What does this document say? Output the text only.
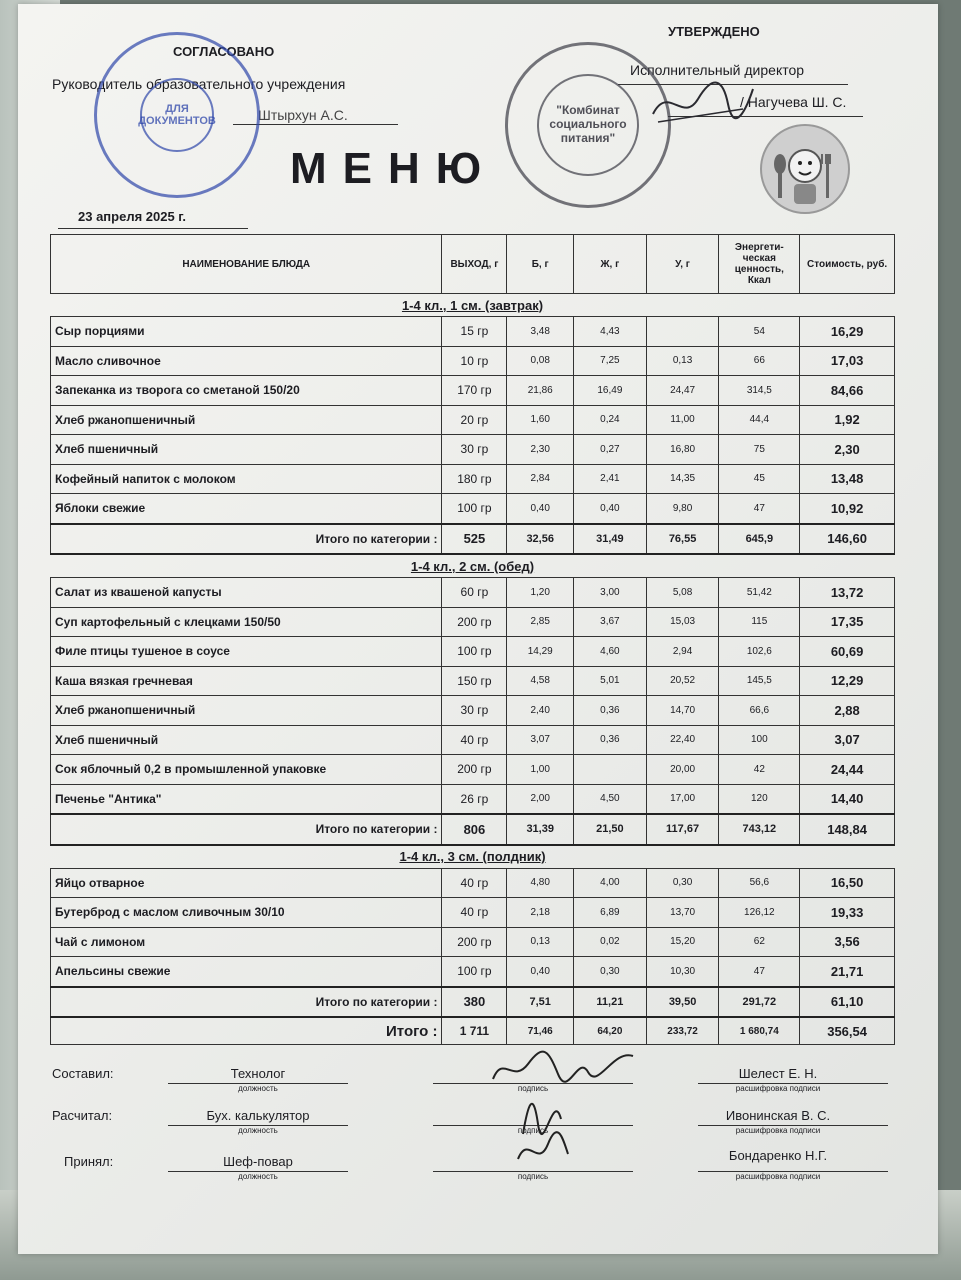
СОГЛАСОВАНО
Руководитель образовательного учреждения
Штырхун А.С.
ДЛЯ ДОКУМЕНТОВ
УТВЕРЖДЕНО
Исполнительный директор
/ Нагучева Ш. С.
"Комбинат социального питания"
МЕНЮ
23 апреля 2025 г.
НАИМЕНОВАНИЕ БЛЮДА	ВЫХОД, г	Б, г	Ж, г	У, г	Энергети-ческая ценность, Ккал	Стоимость, руб.
1-4 кл., 1 см. (завтрак)						
Сыр порциями	15 гр	3,48	4,43		54	16,29
Масло сливочное	10 гр	0,08	7,25	0,13	66	17,03
Запеканка из творога со сметаной 150/20	170 гр	21,86	16,49	24,47	314,5	84,66
Хлеб ржанопшеничный	20 гр	1,60	0,24	11,00	44,4	1,92
Хлеб пшеничный	30 гр	2,30	0,27	16,80	75	2,30
Кофейный напиток с молоком	180 гр	2,84	2,41	14,35	45	13,48
Яблоки свежие	100 гр	0,40	0,40	9,80	47	10,92
Итого по категории :	525	32,56	31,49	76,55	645,9	146,60
1-4 кл., 2 см. (обед)						
Салат из квашеной капусты	60 гр	1,20	3,00	5,08	51,42	13,72
Суп картофельный с клецками 150/50	200 гр	2,85	3,67	15,03	115	17,35
Филе птицы тушеное в соусе	100 гр	14,29	4,60	2,94	102,6	60,69
Каша вязкая гречневая	150 гр	4,58	5,01	20,52	145,5	12,29
Хлеб ржанопшеничный	30 гр	2,40	0,36	14,70	66,6	2,88
Хлеб пшеничный	40 гр	3,07	0,36	22,40	100	3,07
Сок яблочный 0,2 в промышленной упаковке	200 гр	1,00		20,00	42	24,44
Печенье "Антика"	26 гр	2,00	4,50	17,00	120	14,40
Итого по категории :	806	31,39	21,50	117,67	743,12	148,84
1-4 кл., 3 см. (полдник)						
Яйцо отварное	40 гр	4,80	4,00	0,30	56,6	16,50
Бутерброд с маслом сливочным 30/10	40 гр	2,18	6,89	13,70	126,12	19,33
Чай с лимоном	200 гр	0,13	0,02	15,20	62	3,56
Апельсины свежие	100 гр	0,40	0,30	10,30	47	21,71
Итого по категории :	380	7,51	11,21	39,50	291,72	61,10
Итого :	1 711	71,46	64,20	233,72	1 680,74	356,54
Составил:	Технолог
должность	подпись
Шелест Е. Н.
расшифровка подписи
Расчитал:	Бух. калькулятор
должность	подпись
Ивонинская В. С.
расшифровка подписи
Принял:	Шеф-повар
должность	подпись
Бондаренко Н.Г.
расшифровка подписи
